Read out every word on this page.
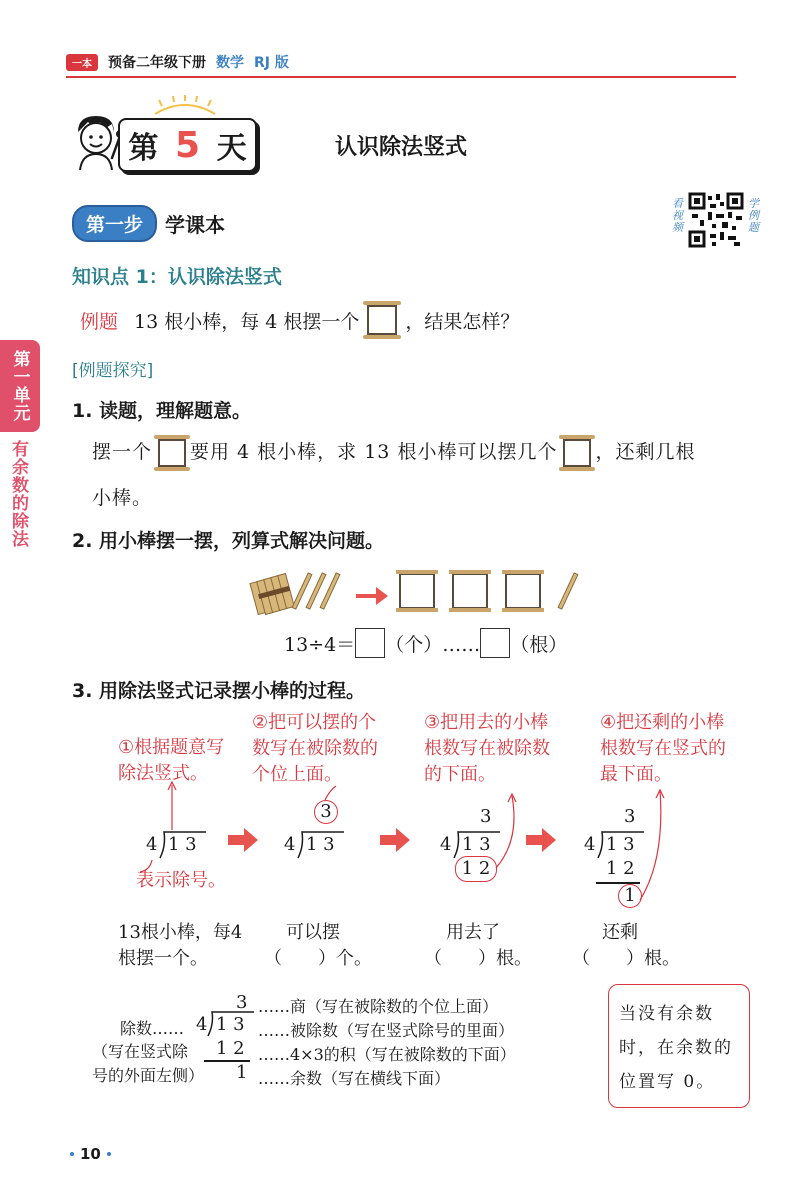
一本	预备二年级下册 数学 RJ 版
第 5 天	认识除法竖式
第一步	学课本
看视频
学例题
知识点 1：认识除法竖式
例题 13 根小棒，每 4 根摆一个 ，结果怎样？
[例题探究]
第一单元
有余数的除法
1. 读题，理解题意。
摆一个 要用 4 根小棒，求 13 根小棒可以摆几个 ，还剩几根
小棒。
2. 用小棒摆一摆，列算式解决问题。
13÷4＝ （个）…… （根）
3. 用除法竖式记录摆小棒的过程。
①根据题意写除法竖式。
②把可以摆的个数写在被除数的个位上面。
③把用去的小棒根数写在被除数的下面。
④把还剩的小棒根数写在竖式的最下面。
4 1 3
表示除号。
4 1 3
3	3
4 1 3
1 2
3
4 1 3
1 2
1
13根小棒，每4根摆一个。
可以摆
（　　）个。
用去了
（　　）根。
还剩
（　　）根。
除数……
（写在竖式除号的外面左侧）
3
4 1 3
1 2
1
……商（写在被除数的个位上面）
……被除数（写在竖式除号的里面）
……4×3的积（写在被除数的下面）
……余数（写在横线下面）
当没有余数时，在余数的位置写 0。
10
